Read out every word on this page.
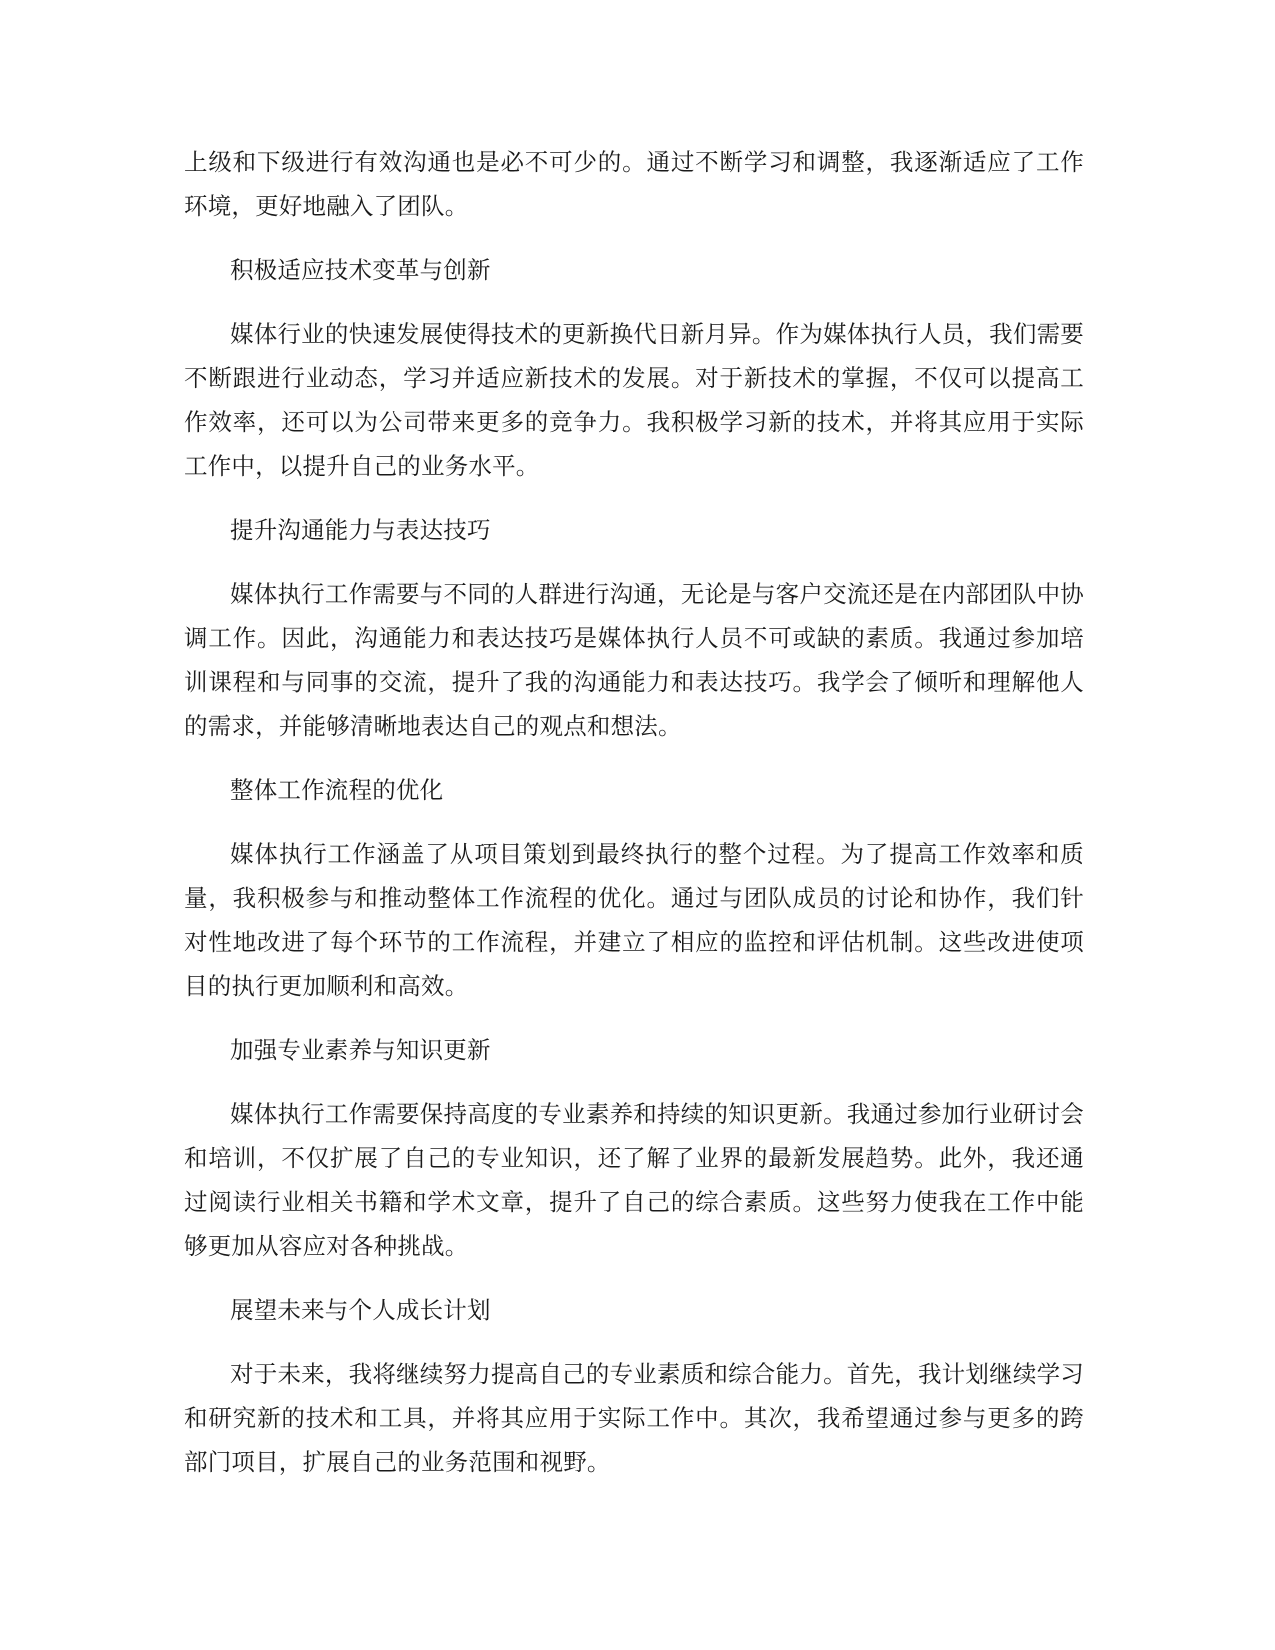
上级和下级进行有效沟通也是必不可少的。通过不断学习和调整，我逐渐适应了工作环境，更好地融入了团队。

积极适应技术变革与创新

媒体行业的快速发展使得技术的更新换代日新月异。作为媒体执行人员，我们需要不断跟进行业动态，学习并适应新技术的发展。对于新技术的掌握，不仅可以提高工作效率，还可以为公司带来更多的竞争力。我积极学习新的技术，并将其应用于实际工作中，以提升自己的业务水平。

提升沟通能力与表达技巧

媒体执行工作需要与不同的人群进行沟通，无论是与客户交流还是在内部团队中协调工作。因此，沟通能力和表达技巧是媒体执行人员不可或缺的素质。我通过参加培训课程和与同事的交流，提升了我的沟通能力和表达技巧。我学会了倾听和理解他人的需求，并能够清晰地表达自己的观点和想法。

整体工作流程的优化

媒体执行工作涵盖了从项目策划到最终执行的整个过程。为了提高工作效率和质量，我积极参与和推动整体工作流程的优化。通过与团队成员的讨论和协作，我们针对性地改进了每个环节的工作流程，并建立了相应的监控和评估机制。这些改进使项目的执行更加顺利和高效。

加强专业素养与知识更新

媒体执行工作需要保持高度的专业素养和持续的知识更新。我通过参加行业研讨会和培训，不仅扩展了自己的专业知识，还了解了业界的最新发展趋势。此外，我还通过阅读行业相关书籍和学术文章，提升了自己的综合素质。这些努力使我在工作中能够更加从容应对各种挑战。

展望未来与个人成长计划

对于未来，我将继续努力提高自己的专业素质和综合能力。首先，我计划继续学习和研究新的技术和工具，并将其应用于实际工作中。其次，我希望通过参与更多的跨部门项目，扩展自己的业务范围和视野。
